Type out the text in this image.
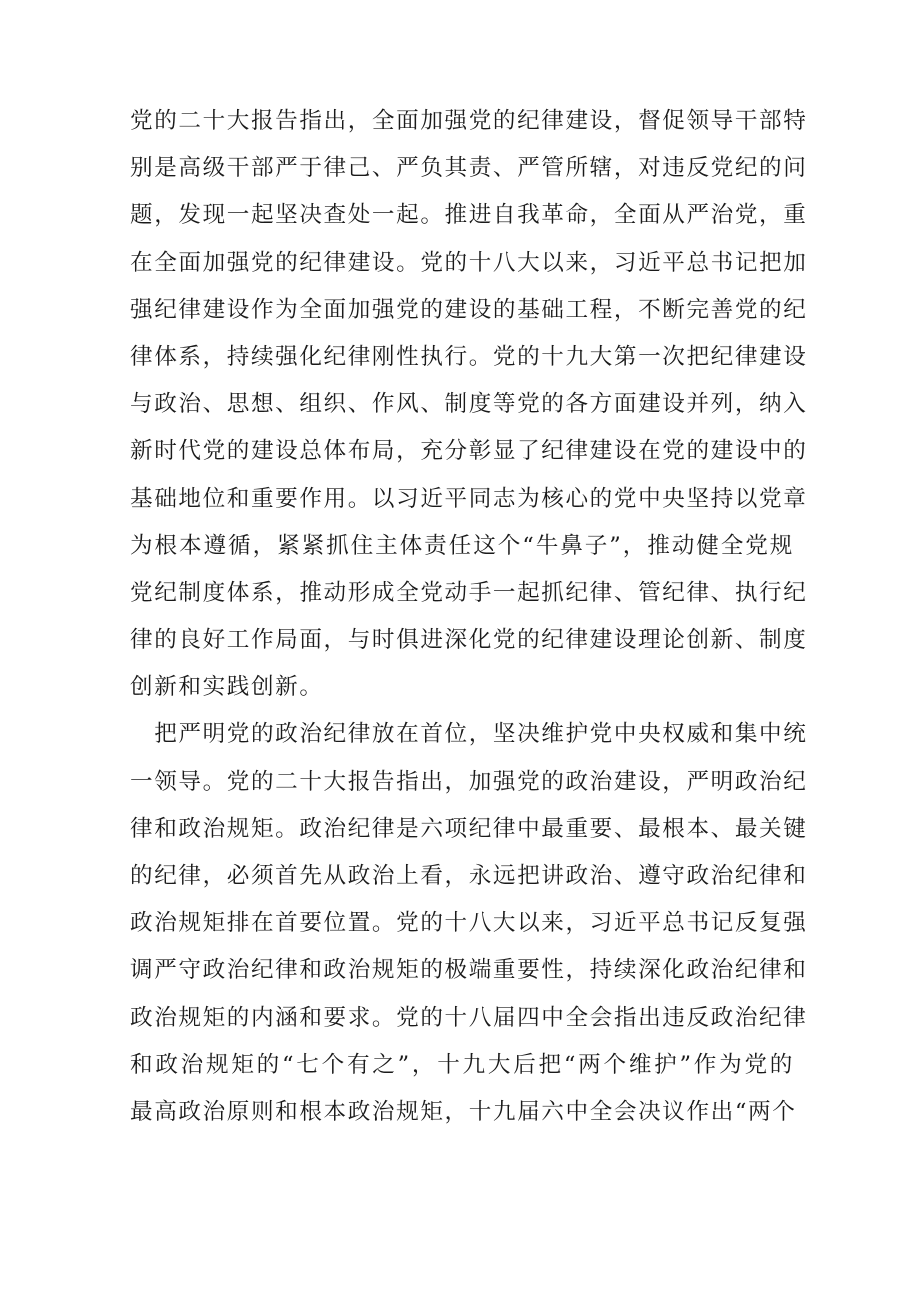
党的二十大报告指出，全面加强党的纪律建设，督促领导干部特
别是高级干部严于律己、严负其责、严管所辖，对违反党纪的问
题，发现一起坚决查处一起。推进自我革命，全面从严治党，重
在全面加强党的纪律建设。党的十八大以来，习近平总书记把加
强纪律建设作为全面加强党的建设的基础工程，不断完善党的纪
律体系，持续强化纪律刚性执行。党的十九大第一次把纪律建设
与政治、思想、组织、作风、制度等党的各方面建设并列，纳入
新时代党的建设总体布局，充分彰显了纪律建设在党的建设中的
基础地位和重要作用。以习近平同志为核心的党中央坚持以党章
为根本遵循，紧紧抓住主体责任这个“牛鼻子”，推动健全党规
党纪制度体系，推动形成全党动手一起抓纪律、管纪律、执行纪
律的良好工作局面，与时俱进深化党的纪律建设理论创新、制度
创新和实践创新。
　把严明党的政治纪律放在首位，坚决维护党中央权威和集中统
一领导。党的二十大报告指出，加强党的政治建设，严明政治纪
律和政治规矩。政治纪律是六项纪律中最重要、最根本、最关键
的纪律，必须首先从政治上看，永远把讲政治、遵守政治纪律和
政治规矩排在首要位置。党的十八大以来，习近平总书记反复强
调严守政治纪律和政治规矩的极端重要性，持续深化政治纪律和
政治规矩的内涵和要求。党的十八届四中全会指出违反政治纪律
和政治规矩的“七个有之”，十九大后把“两个维护”作为党的
最高政治原则和根本政治规矩，十九届六中全会决议作出“两个
